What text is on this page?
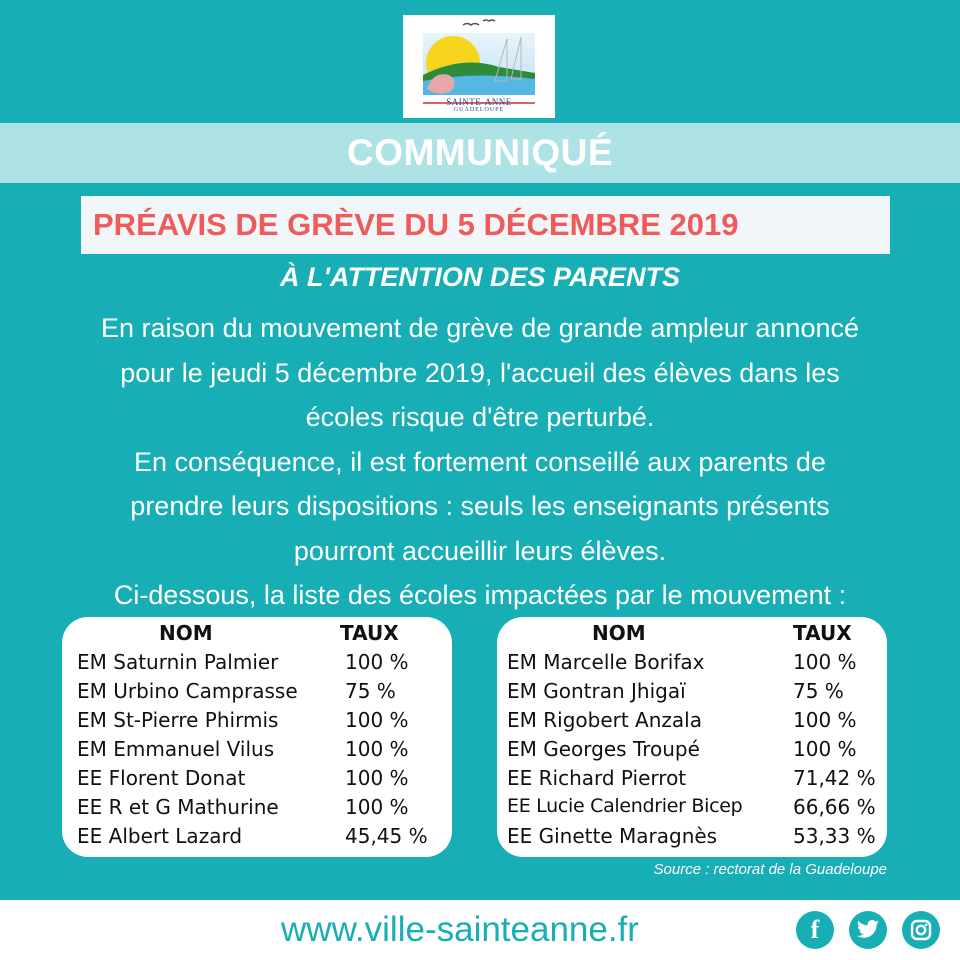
SAINTE-ANNE
GUADELOUPE
COMMUNIQUÉ
PRÉAVIS DE GRÈVE DU 5 DÉCEMBRE 2019
À L'ATTENTION DES PARENTS
En raison du mouvement de grève de grande ampleur annoncé
pour le jeudi 5 décembre 2019, l'accueil des élèves dans les
écoles risque d'être perturbé.
En conséquence, il est fortement conseillé aux parents de
prendre leurs dispositions : seuls les enseignants présents
pourront accueillir leurs élèves.
Ci-dessous, la liste des écoles impactées par le mouvement :
NOM	TAUX
EM Saturnin Palmier	100 %
EM Urbino Camprasse 75 %
EM St-Pierre Phirmis	100 %
EM Emmanuel Vilus	100 %
EE Florent Donat	100 %
EE R et G Mathurine	100 %
EE Albert Lazard	45,45 %
NOM	TAUX
EM Marcelle Borifax	100 %
EM Gontran Jhigaï	75 %
EM Rigobert Anzala	100 %
EM Georges Troupé	100 %
EE Richard Pierrot	71,42 %
EE Lucie Calendrier Bicep	66,66 %
EE Ginette Maragnès	53,33 %
Source : rectorat de la Guadeloupe
www.ville-sainteanne.fr	f
